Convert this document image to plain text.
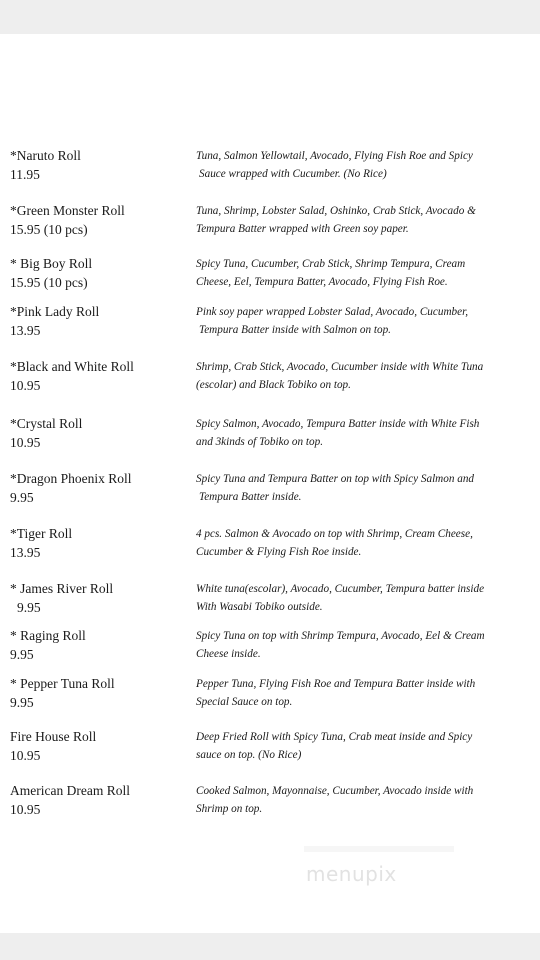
*Naruto Roll
11.95
Tuna, Salmon Yellowtail, Avocado, Flying Fish Roe and Spicy
Sauce wrapped with Cucumber. (No Rice)
*Green Monster Roll
15.95 (10 pcs)
Tuna, Shrimp, Lobster Salad, Oshinko, Crab Stick, Avocado &
Tempura Batter wrapped with Green soy paper.
* Big Boy Roll
15.95 (10 pcs)
Spicy Tuna, Cucumber, Crab Stick, Shrimp Tempura, Cream
Cheese, Eel, Tempura Batter, Avocado, Flying Fish Roe.
*Pink Lady Roll
13.95
Pink soy paper wrapped Lobster Salad, Avocado, Cucumber,
Tempura Batter inside with Salmon on top.
*Black and White Roll
10.95
Shrimp, Crab Stick, Avocado, Cucumber inside with White Tuna
(escolar) and Black Tobiko on top.
*Crystal Roll
10.95
Spicy Salmon, Avocado, Tempura Batter inside with White Fish
and 3kinds of Tobiko on top.
*Dragon Phoenix Roll
9.95
Spicy Tuna and Tempura Batter on top with Spicy Salmon and
Tempura Batter inside.
*Tiger Roll
13.95
4 pcs. Salmon & Avocado on top with Shrimp, Cream Cheese,
Cucumber & Flying Fish Roe inside.
* James River Roll
9.95
White tuna(escolar), Avocado, Cucumber, Tempura batter inside
With Wasabi Tobiko outside.
* Raging Roll
9.95
Spicy Tuna on top with Shrimp Tempura, Avocado, Eel & Cream
Cheese inside.
* Pepper Tuna Roll
9.95
Pepper Tuna, Flying Fish Roe and Tempura Batter inside with
Special Sauce on top.
Fire House Roll
10.95
Deep Fried Roll with Spicy Tuna, Crab meat inside and Spicy
sauce on top. (No Rice)
American Dream Roll
10.95
Cooked Salmon, Mayonnaise, Cucumber, Avocado inside with
Shrimp on top.
menupix
